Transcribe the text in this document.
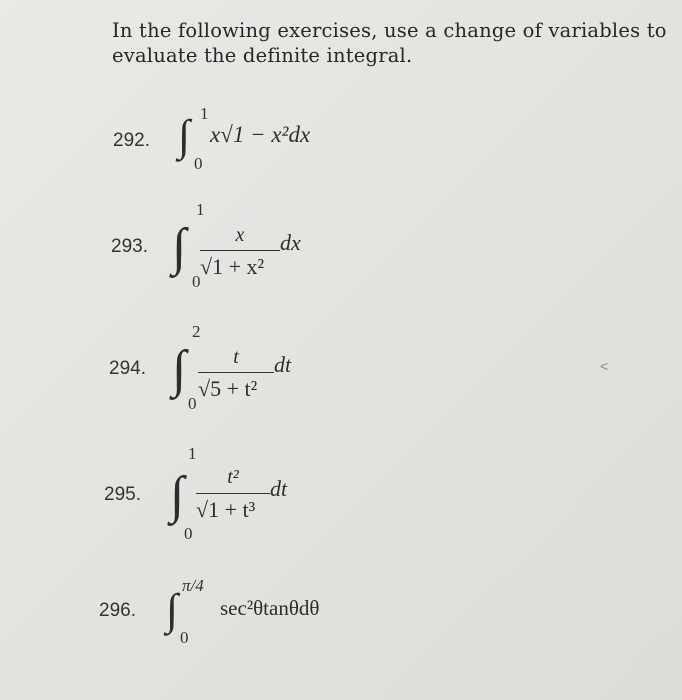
In the following exercises, use a change of variables to
evaluate the definite integral.
292. ∫ 1
0
x√1 − x²dx
293. ∫
1
0
x
√1 + x²
dx
294. ∫
2
0
t
√5 + t²
dt
295. ∫
1
0
t²
√1 + t³
dt
296. ∫ π/4
0
sec²θtanθdθ
<
